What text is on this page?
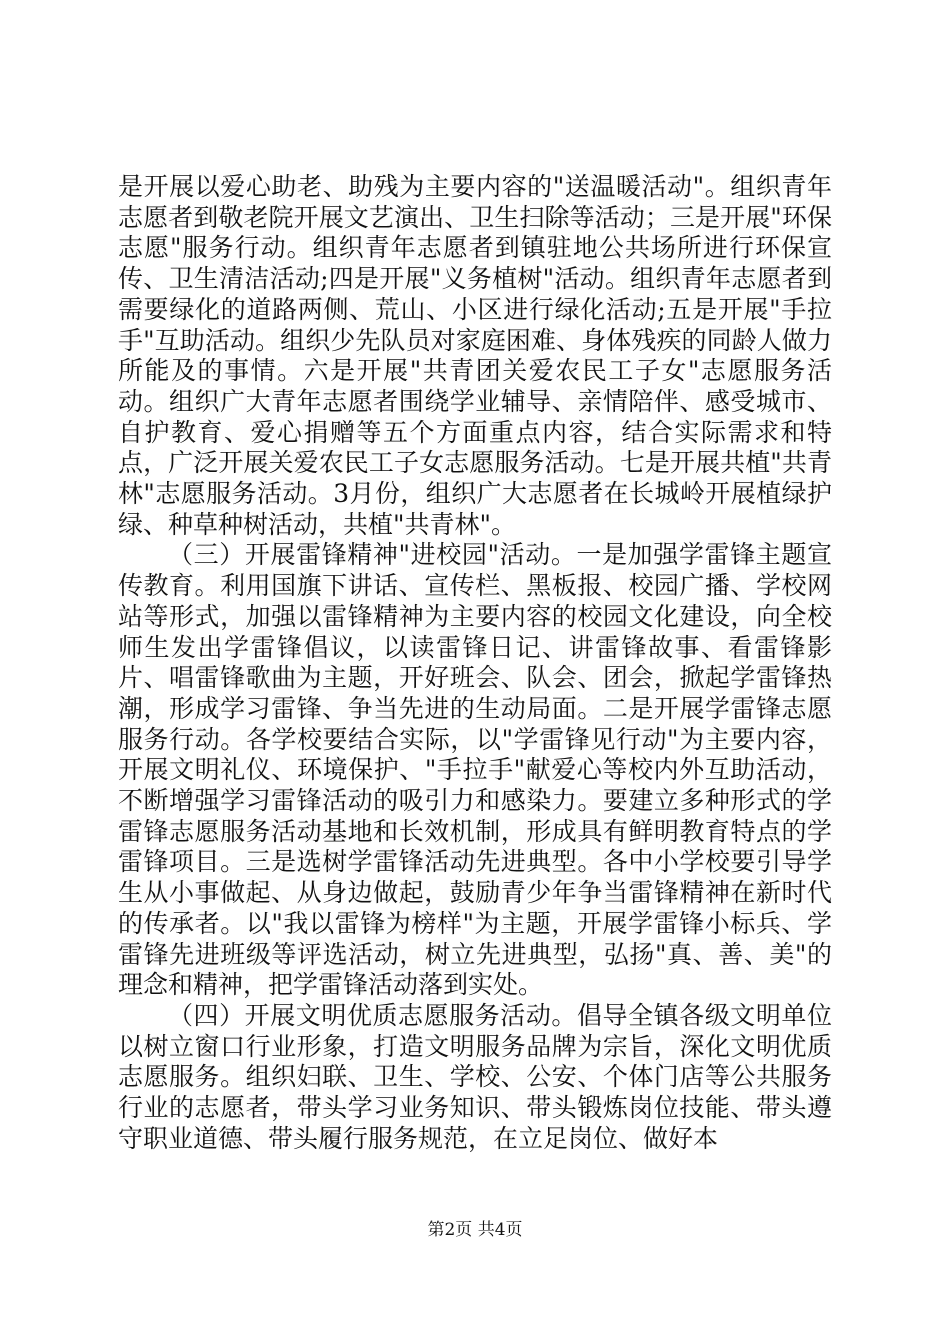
是开展以爱心助老、助残为主要内容的"送温暖活动"。组织青年志愿者到敬老院开展文艺演出、卫生扫除等活动；三是开展"环保志愿"服务行动。组织青年志愿者到镇驻地公共场所进行环保宣传、卫生清洁活动;四是开展"义务植树"活动。组织青年志愿者到需要绿化的道路两侧、荒山、小区进行绿化活动;五是开展"手拉手"互助活动。组织少先队员对家庭困难、身体残疾的同龄人做力所能及的事情。六是开展"共青团关爱农民工子女"志愿服务活动。组织广大青年志愿者围绕学业辅导、亲情陪伴、感受城市、自护教育、爱心捐赠等五个方面重点内容，结合实际需求和特点，广泛开展关爱农民工子女志愿服务活动。七是开展共植"共青林"志愿服务活动。3月份，组织广大志愿者在长城岭开展植绿护绿、种草种树活动，共植"共青林"。

（三）开展雷锋精神"进校园"活动。一是加强学雷锋主题宣传教育。利用国旗下讲话、宣传栏、黑板报、校园广播、学校网站等形式，加强以雷锋精神为主要内容的校园文化建设，向全校师生发出学雷锋倡议，以读雷锋日记、讲雷锋故事、看雷锋影片、唱雷锋歌曲为主题，开好班会、队会、团会，掀起学雷锋热潮，形成学习雷锋、争当先进的生动局面。二是开展学雷锋志愿服务行动。各学校要结合实际，以"学雷锋见行动"为主要内容，开展文明礼仪、环境保护、"手拉手"献爱心等校内外互助活动，不断增强学习雷锋活动的吸引力和感染力。要建立多种形式的学雷锋志愿服务活动基地和长效机制，形成具有鲜明教育特点的学雷锋项目。三是选树学雷锋活动先进典型。各中小学校要引导学生从小事做起、从身边做起，鼓励青少年争当雷锋精神在新时代的传承者。以"我以雷锋为榜样"为主题，开展学雷锋小标兵、学雷锋先进班级等评选活动，树立先进典型，弘扬"真、善、美"的理念和精神，把学雷锋活动落到实处。

（四）开展文明优质志愿服务活动。倡导全镇各级文明单位以树立窗口行业形象，打造文明服务品牌为宗旨，深化文明优质志愿服务。组织妇联、卫生、学校、公安、个体门店等公共服务行业的志愿者，带头学习业务知识、带头锻炼岗位技能、带头遵守职业道德、带头履行服务规范，在立足岗位、做好本

第2页 共4页
